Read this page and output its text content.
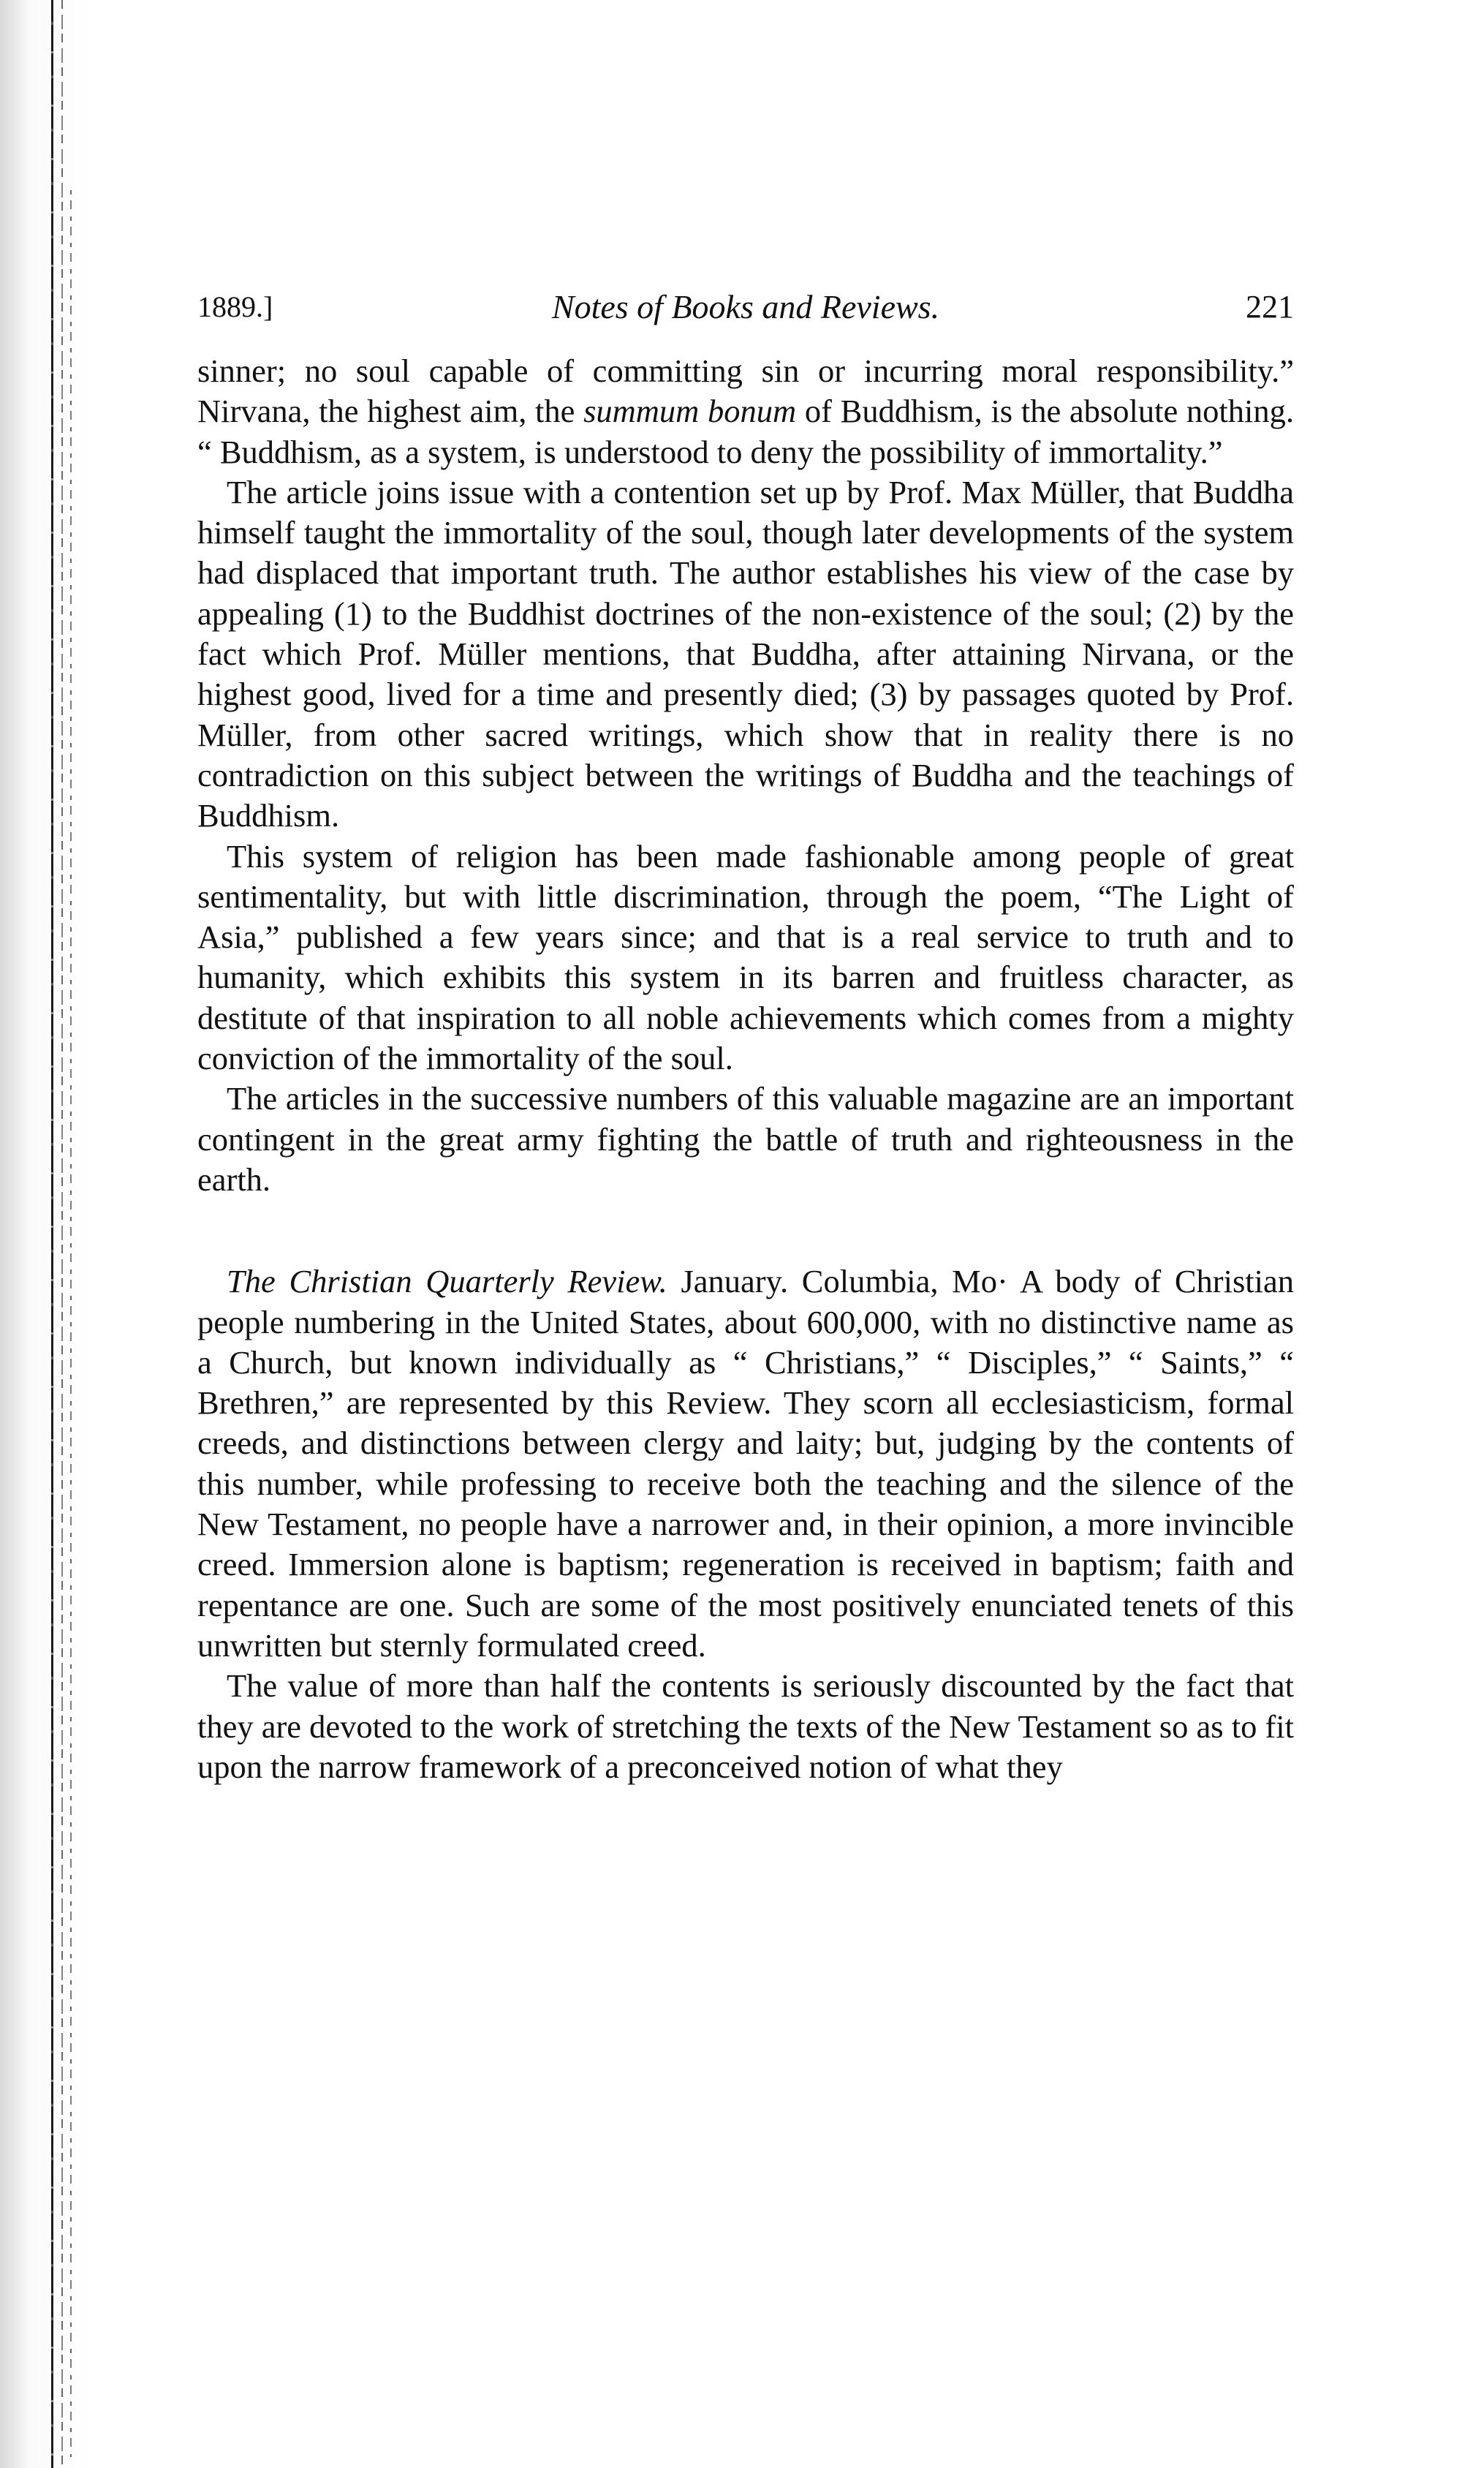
1889.]	Notes of Books and Reviews.	221

sinner; no soul capable of committing sin or incurring moral responsibility.” Nirvana, the highest aim, the summum bonum of Buddhism, is the absolute nothing. “ Buddhism, as a system, is understood to deny the possibility of immortality.”

The article joins issue with a contention set up by Prof. Max Müller, that Buddha himself taught the immortality of the soul, though later developments of the system had displaced that important truth. The author establishes his view of the case by appealing (1) to the Buddhist doctrines of the non-existence of the soul; (2) by the fact which Prof. Müller mentions, that Buddha, after attaining Nirvana, or the highest good, lived for a time and presently died; (3) by passages quoted by Prof. Müller, from other sacred writings, which show that in reality there is no contradiction on this subject between the writings of Buddha and the teachings of Buddhism.

This system of religion has been made fashionable among people of great sentimentality, but with little discrimination, through the poem, “The Light of Asia,” published a few years since; and that is a real service to truth and to humanity, which exhibits this system in its barren and fruitless character, as destitute of that inspiration to all noble achievements which comes from a mighty conviction of the immortality of the soul.

The articles in the successive numbers of this valuable magazine are an important contingent in the great army fighting the battle of truth and righteousness in the earth.

The Christian Quarterly Review. January. Columbia, Mo· A body of Christian people numbering in the United States, about 600,000, with no distinctive name as a Church, but known individually as “ Christians,” “ Disciples,” “ Saints,” “ Brethren,” are represented by this Review. They scorn all ecclesiasticism, formal creeds, and distinctions between clergy and laity; but, judging by the contents of this number, while professing to receive both the teaching and the silence of the New Testament, no people have a narrower and, in their opinion, a more invincible creed. Immersion alone is baptism; regeneration is received in baptism; faith and repentance are one. Such are some of the most positively enunciated tenets of this unwritten but sternly formulated creed.

The value of more than half the contents is seriously discounted by the fact that they are devoted to the work of stretching the texts of the New Testament so as to fit upon the narrow framework of a preconceived notion of what they
